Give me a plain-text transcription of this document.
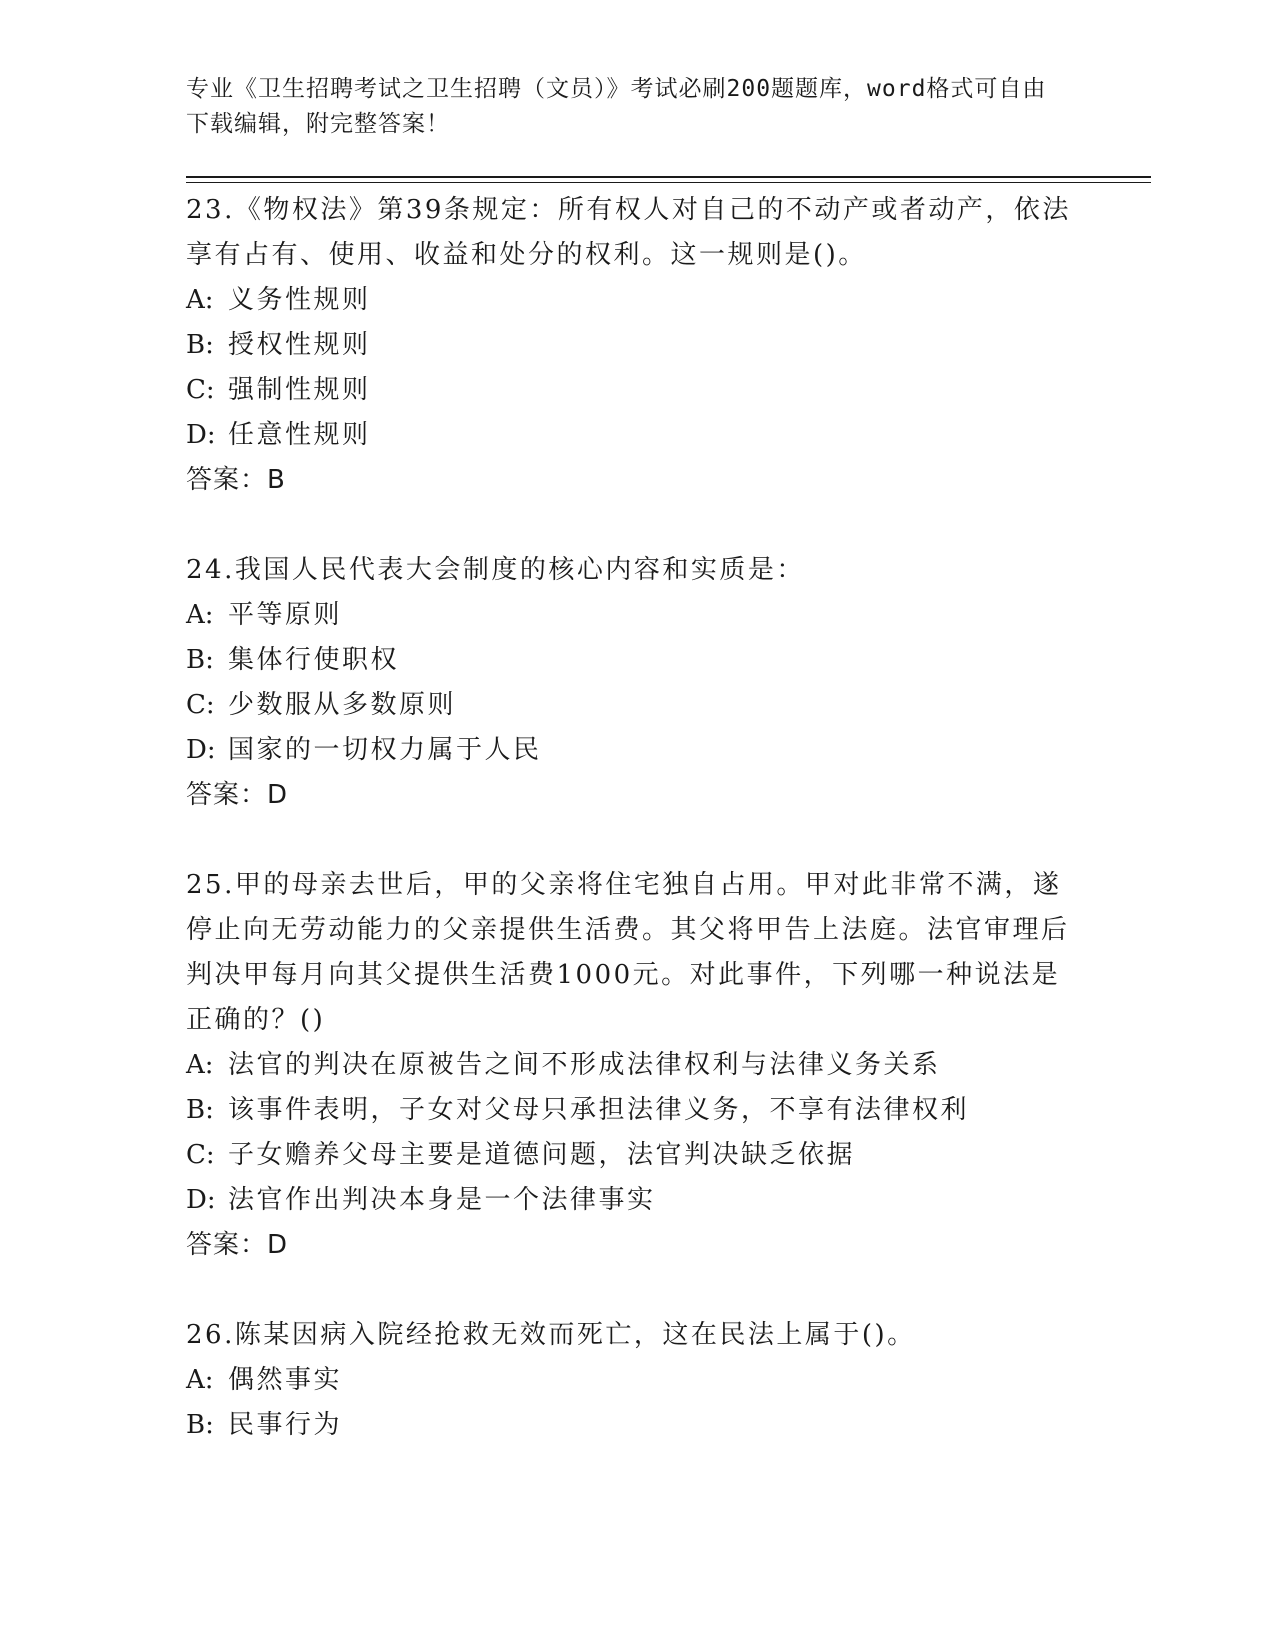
专业《卫生招聘考试之卫生招聘（文员）》考试必刷200题题库，word格式可自由下载编辑，附完整答案！

23.《物权法》第39条规定：所有权人对自己的不动产或者动产，依法享有占有、使用、收益和处分的权利。这一规则是()。

A: 义务性规则
B: 授权性规则
C: 强制性规则
D: 任意性规则
答案：B

24.我国人民代表大会制度的核心内容和实质是：

A: 平等原则
B: 集体行使职权
C: 少数服从多数原则
D: 国家的一切权力属于人民
答案：D

25.甲的母亲去世后，甲的父亲将住宅独自占用。甲对此非常不满，遂停止向无劳动能力的父亲提供生活费。其父将甲告上法庭。法官审理后判决甲每月向其父提供生活费1000元。对此事件，下列哪一种说法是正确的？()

A: 法官的判决在原被告之间不形成法律权利与法律义务关系
B: 该事件表明，子女对父母只承担法律义务，不享有法律权利
C: 子女赡养父母主要是道德问题，法官判决缺乏依据
D: 法官作出判决本身是一个法律事实
答案：D

26.陈某因病入院经抢救无效而死亡，这在民法上属于()。

A: 偶然事实
B: 民事行为
